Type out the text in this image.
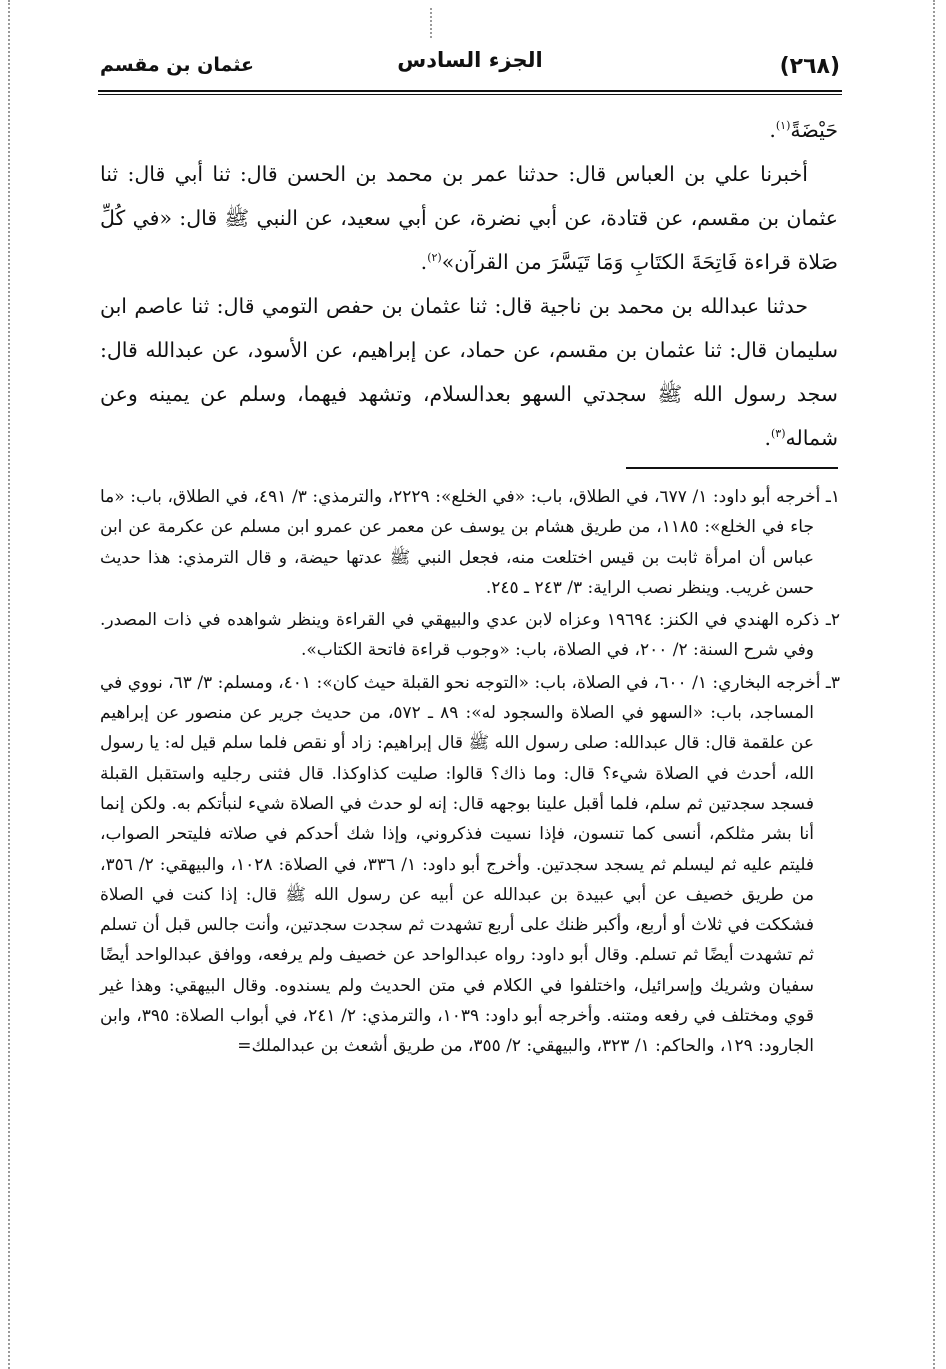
(٢٦٨)
الجزء السادس
عثمان بن مقسم

حَيْضَةً$^{(١)}$.

أخبرنا علي بن العباس قال: حدثنا عمر بن محمد بن الحسن قال: ثنا أبي قال: ثنا عثمان بن مقسم، عن قتادة، عن أبي نضرة، عن أبي سعيد، عن النبي ﷺ قال: «في كُلِّ صَلاة قراءة فَاتِحَةَ الكتَابِ وَمَا تَيَسَّرَ من القرآن»$^{(٢)}$.

حدثنا عبدالله بن محمد بن ناجية قال: ثنا عثمان بن حفص التومي قال: ثنا عاصم ابن سليمان قال: ثنا عثمان بن مقسم، عن حماد، عن إبراهيم، عن الأسود، عن عبدالله قال: سجد رسول الله ﷺ سجدتي السهو بعدالسلام، وتشهد فيهما، وسلم عن يمينه وعن شماله$^{(٣)}$.

١ـ أخرجه أبو داود: ١/ ٦٧٧، في الطلاق، باب: «في الخلع»: ٢٢٢٩، والترمذي: ٣/ ٤٩١، في الطلاق، باب: «ما جاء في الخلع»: ١١٨٥، من طريق هشام بن يوسف عن معمر عن عمرو ابن مسلم عن عكرمة عن ابن عباس أن امرأة ثابت بن قيس اختلعت منه، فجعل النبي ﷺ عدتها حيضة، و قال الترمذي: هذا حديث حسن غريب. وينظر نصب الراية: ٣/ ٢٤٣ ـ ٢٤٥.

٢ـ ذكره الهندي في الكنز: ١٩٦٩٤ وعزاه لابن عدي والبيهقي في القراءة وينظر شواهده في ذات المصدر. وفي شرح السنة: ٢/ ٢٠٠، في الصلاة، باب: «وجوب قراءة فاتحة الكتاب».

٣ـ أخرجه البخاري: ١/ ٦٠٠، في الصلاة، باب: «التوجه نحو القبلة حيث كان»: ٤٠١، ومسلم: ٣/ ٦٣، نووي في المساجد، باب: «السهو في الصلاة والسجود له»: ٨٩ ـ ٥٧٢، من حديث جرير عن منصور عن إبراهيم عن علقمة قال: قال عبدالله: صلى رسول الله ﷺ قال إبراهيم: زاد أو نقص فلما سلم قيل له: يا رسول الله، أحدث في الصلاة شيء؟ قال: وما ذاك؟ قالوا: صليت كذاوكذا. قال فثنى رجليه واستقبل القبلة فسجد سجدتين ثم سلم، فلما أقبل علينا بوجهه قال: إنه لو حدث في الصلاة شيء لنبأتكم به. ولكن إنما أنا بشر مثلكم، أنسى كما تنسون، فإذا نسيت فذكروني، وإذا شك أحدكم في صلاته فليتحر الصواب، فليتم عليه ثم ليسلم ثم يسجد سجدتين. وأخرج أبو داود: ١/ ٣٣٦، في الصلاة: ١٠٢٨، والبيهقي: ٢/ ٣٥٦، من طريق خصيف عن أبي عبيدة بن عبدالله عن أبيه عن رسول الله ﷺ قال: إذا كنت في الصلاة فشككت في ثلاث أو أربع، وأكبر ظنك على أربع تشهدت ثم سجدت سجدتين، وأنت جالس قبل أن تسلم ثم تشهدت أيضًا ثم تسلم. وقال أبو داود: رواه عبدالواحد عن خصيف ولم يرفعه، ووافق عبدالواحد أيضًا سفيان وشريك وإسرائيل، واختلفوا في الكلام في متن الحديث ولم يسندوه. وقال البيهقي: وهذا غير قوي ومختلف في رفعه ومتنه. وأخرجه أبو داود: ١٠٣٩، والترمذي: ٢/ ٢٤١، في أبواب الصلاة: ٣٩٥، وابن الجارود: ١٢٩، والحاكم: ١/ ٣٢٣، والبيهقي: ٢/ ٣٥٥، من طريق أشعث بن عبدالملك=
